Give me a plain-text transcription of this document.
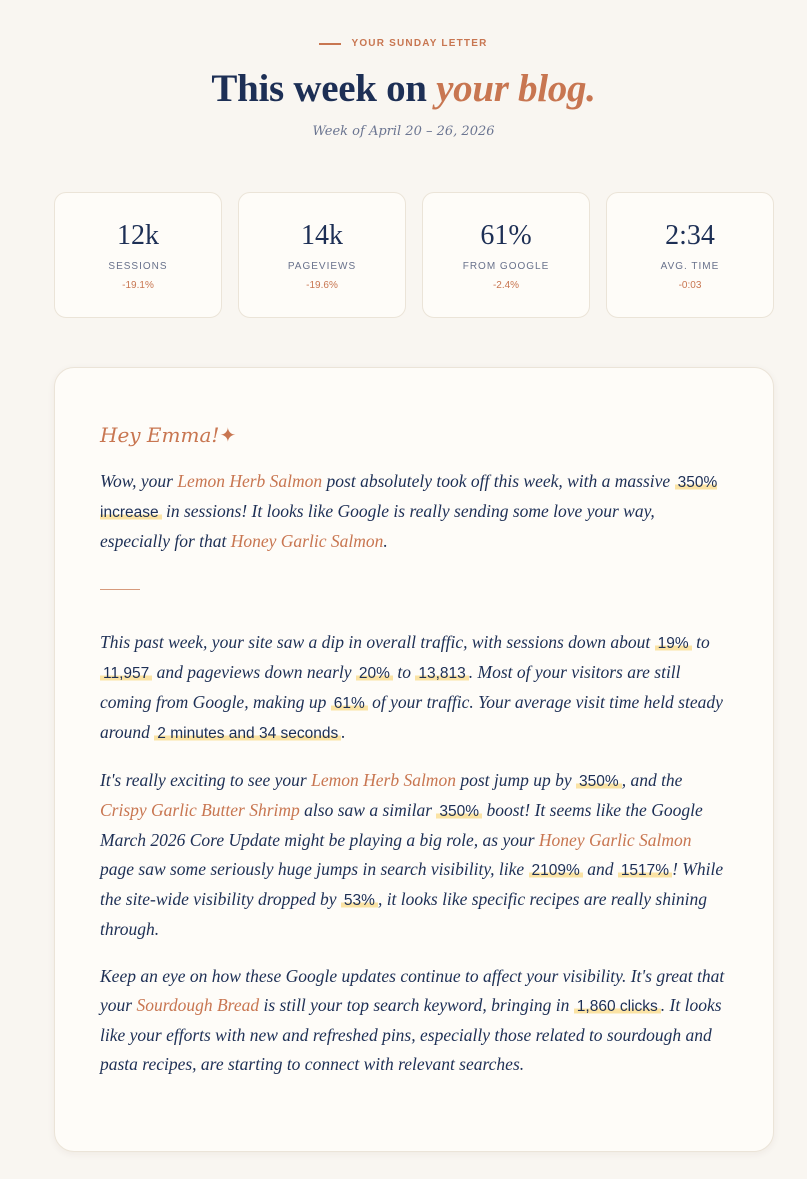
YOUR SUNDAY LETTER
This week on your blog.
Week of April 20 – 26, 2026
12k
SESSIONS
-19.1%
14k
PAGEVIEWS
-19.6%
61%
FROM GOOGLE
-2.4%
2:34
AVG. TIME
-0:03
Hey Emma!✦

Wow, your Lemon Herb Salmon post absolutely took off this week, with a massive 350% increase in sessions! It looks like Google is really sending some love your way, especially for that Honey Garlic Salmon.

This past week, your site saw a dip in overall traffic, with sessions down about 19% to 11,957 and pageviews down nearly 20% to 13,813 . Most of your visitors are still coming from Google, making up 61% of your traffic. Your average visit time held steady around 2 minutes and 34 seconds .

It's really exciting to see your Lemon Herb Salmon post jump up by 350% , and the Crispy Garlic Butter Shrimp also saw a similar 350% boost! It seems like the Google March 2026 Core Update might be playing a big role, as your Honey Garlic Salmon page saw some seriously huge jumps in search visibility, like 2109% and 1517% ! While the site-wide visibility dropped by 53% , it looks like specific recipes are really shining through.

Keep an eye on how these Google updates continue to affect your visibility. It's great that your Sourdough Bread is still your top search keyword, bringing in 1,860 clicks . It looks like your efforts with new and refreshed pins, especially those related to sourdough and pasta recipes, are starting to connect with relevant searches.
